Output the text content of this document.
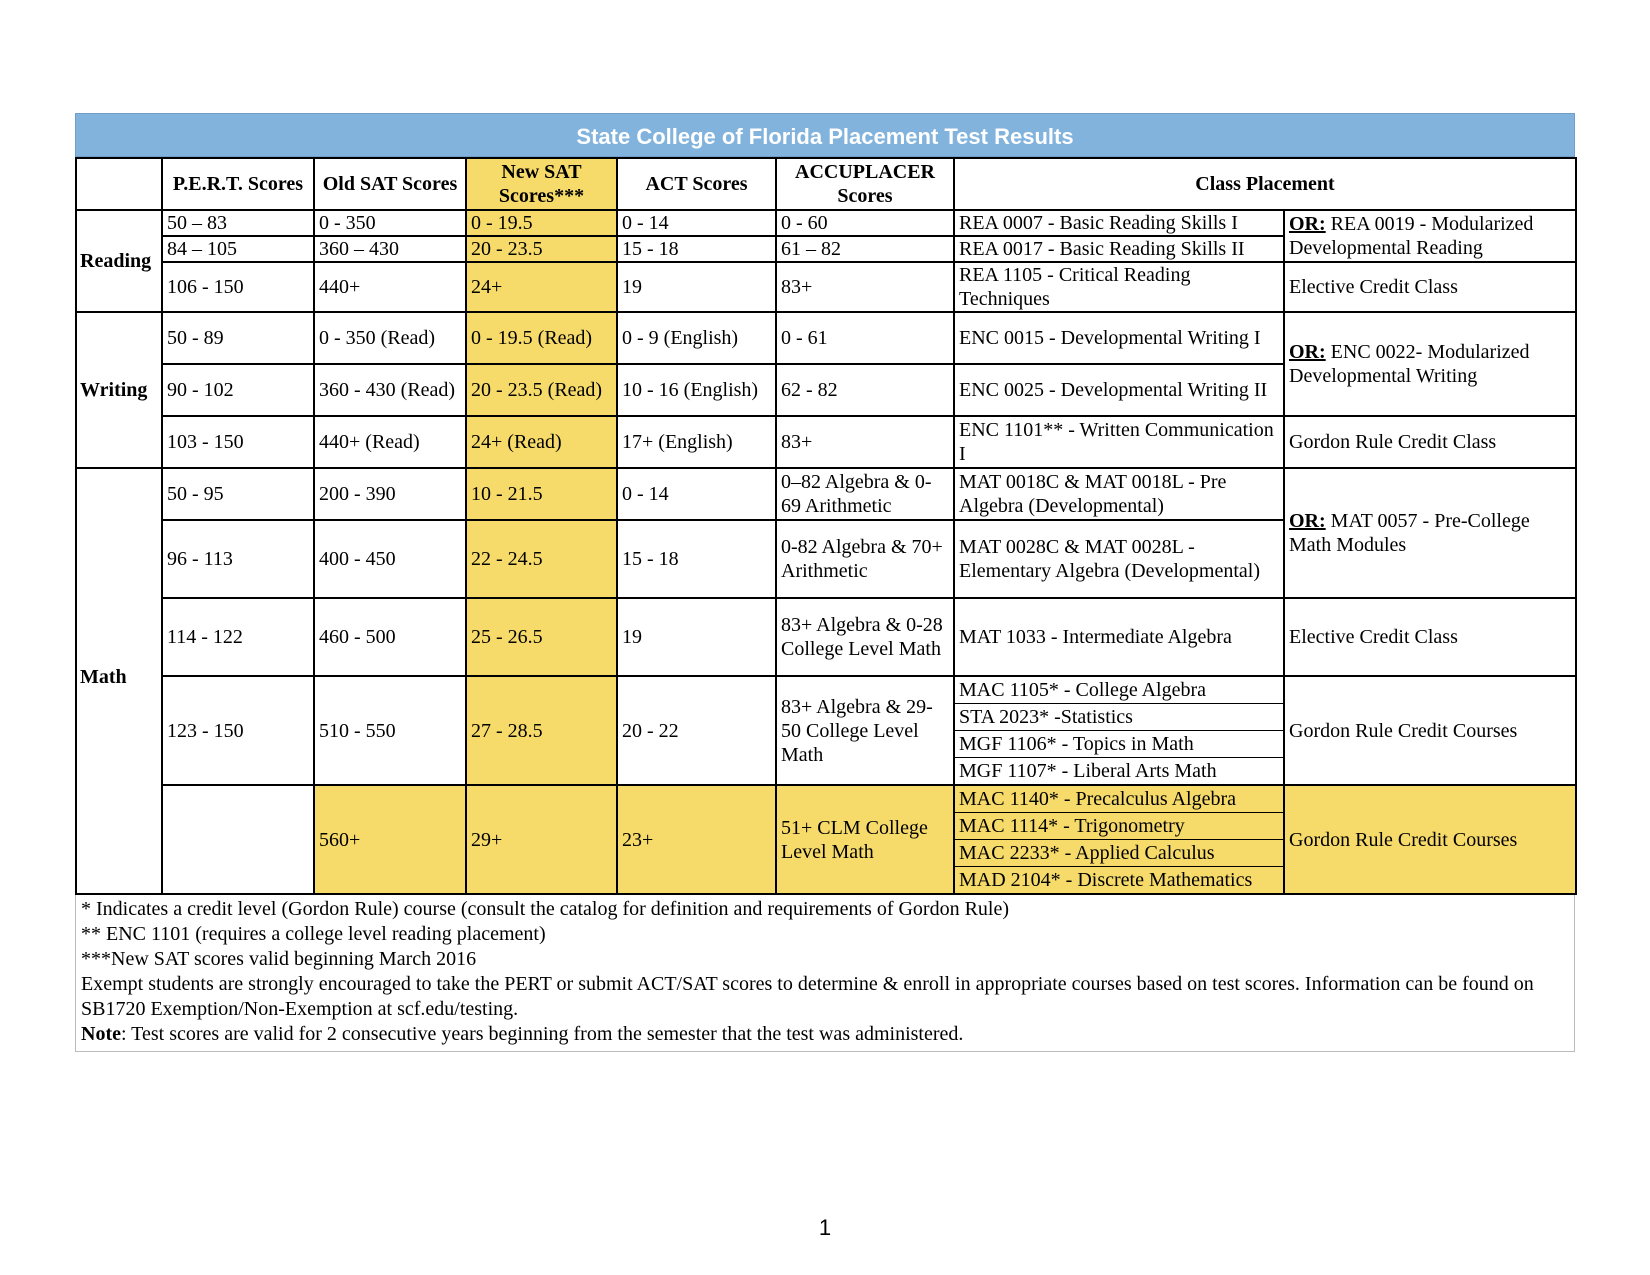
State College of Florida Placement Test Results
	P.E.R.T. Scores	Old SAT Scores	New SAT Scores***	ACT Scores	ACCUPLACER Scores	Class Placement	
Reading	50 – 83	0 - 350	0 - 19.5	0 - 14	0 - 60	REA 0007 - Basic Reading Skills I	OR: REA 0019 - Modularized Developmental Reading
	84 – 105	360 – 430	20 - 23.5	15 - 18	61 – 82	REA 0017 - Basic Reading Skills II	
	106 - 150	440+	24+	19	83+	REA 1105 - Critical Reading Techniques	Elective Credit Class
Writing	50 - 89	0 - 350 (Read)	0 - 19.5 (Read)	0 - 9 (English)	0 - 61	ENC 0015 - Developmental Writing I	OR: ENC 0022- Modularized Developmental Writing
	90 - 102	360 - 430 (Read)	20 - 23.5 (Read)	10 - 16 (English)	62 - 82	ENC 0025 - Developmental Writing II	
	103 - 150	440+ (Read)	24+ (Read)	17+ (English)	83+	ENC 1101** - Written Communication I	Gordon Rule Credit Class
Math	50 - 95	200 - 390	10 - 21.5	0 - 14	0–82 Algebra & 0-69 Arithmetic	MAT 0018C & MAT 0018L - Pre Algebra (Developmental)	OR: MAT 0057 - Pre-College Math Modules
	96 - 113	400 - 450	22 - 24.5	15 - 18	0-82 Algebra & 70+ Arithmetic	MAT 0028C & MAT 0028L - Elementary Algebra (Developmental)	
	114 - 122	460 - 500	25 - 26.5	19	83+ Algebra & 0-28 College Level Math	MAT 1033 - Intermediate Algebra	Elective Credit Class
	123 - 150	510 - 550	27 - 28.5	20 - 22	83+ Algebra & 29-50 College Level Math	MAC 1105* - College Algebra
STA 2023* -Statistics
MGF 1106* - Topics in Math
MGF 1107* - Liberal Arts Math	Gordon Rule Credit Courses
		560+	29+	23+	51+ CLM College Level Math	MAC 1140* - Precalculus Algebra
MAC 1114* - Trigonometry
MAC 2233* - Applied Calculus
MAD 2104* - Discrete Mathematics	Gordon Rule Credit Courses

* Indicates a credit level (Gordon Rule) course (consult the catalog for definition and requirements of Gordon Rule)

** ENC 1101 (requires a college level reading placement)

***New SAT scores valid beginning March 2016

Exempt students are strongly encouraged to take the PERT or submit ACT/SAT scores to determine & enroll in appropriate courses based on test scores. Information can be found on SB1720 Exemption/Non-Exemption at scf.edu/testing.

Note: Test scores are valid for 2 consecutive years beginning from the semester that the test was administered.

1
